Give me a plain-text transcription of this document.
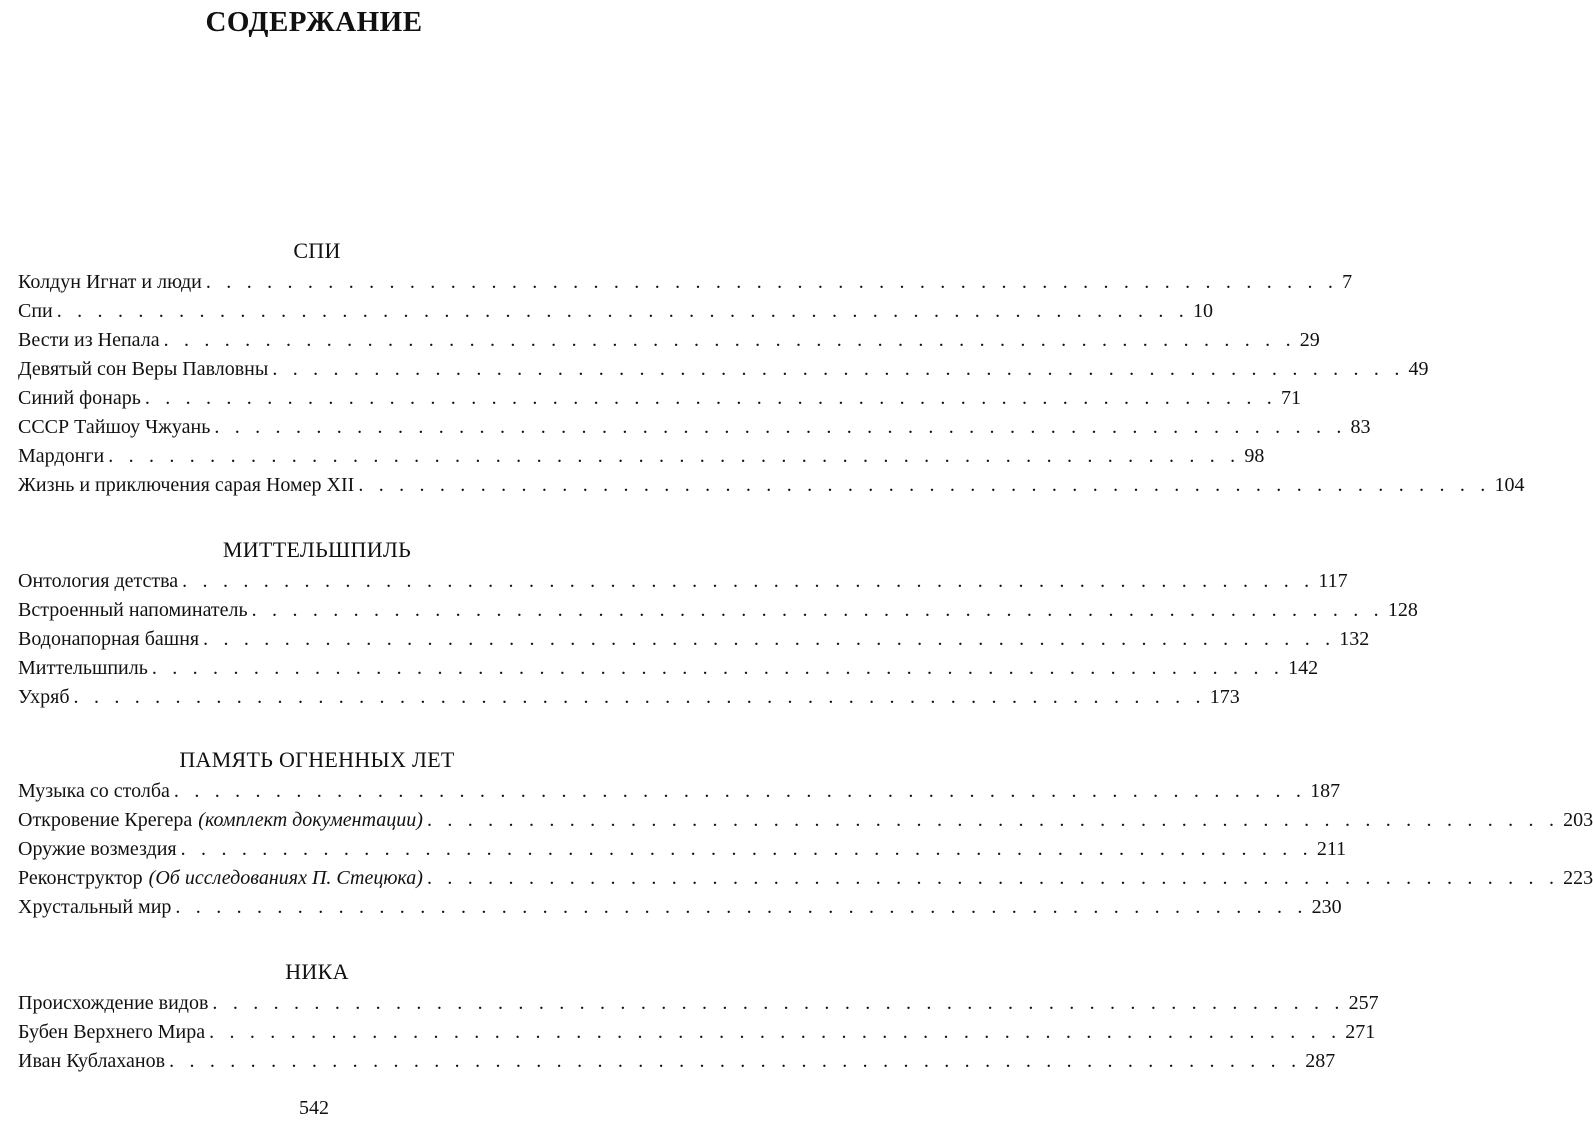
СОДЕРЖАНИЕ
СПИ
Колдун Игнат и люди . . . . . . . . . . . . . . . . . . . . . . . . . . . . . . . . . . . . . . . . . . . . . . . . . . . . . . . . 7
Спи . . . . . . . . . . . . . . . . . . . . . . . . . . . . . . . . . . . . . . . . . . . . . . . . . . . . . . . . 10
Вести из Непала . . . . . . . . . . . . . . . . . . . . . . . . . . . . . . . . . . . . . . . . . . . . . . . . . . . . . . . . 29
Девятый сон Веры Павловны . . . . . . . . . . . . . . . . . . . . . . . . . . . . . . . . . . . . . . . . . . . . . . . . . . . . . . . . 49
Синий фонарь . . . . . . . . . . . . . . . . . . . . . . . . . . . . . . . . . . . . . . . . . . . . . . . . . . . . . . . . 71
СССР Тайшоу Чжуань . . . . . . . . . . . . . . . . . . . . . . . . . . . . . . . . . . . . . . . . . . . . . . . . . . . . . . . . 83
Мардонги . . . . . . . . . . . . . . . . . . . . . . . . . . . . . . . . . . . . . . . . . . . . . . . . . . . . . . . . 98
Жизнь и приключения сарая Номер XII . . . . . . . . . . . . . . . . . . . . . . . . . . . . . . . . . . . . . . . . . . . . . . . . . . . . . . . . 104
МИТТЕЛЬШПИЛЬ
Онтология детства . . . . . . . . . . . . . . . . . . . . . . . . . . . . . . . . . . . . . . . . . . . . . . . . . . . . . . . . 117
Встроенный напоминатель . . . . . . . . . . . . . . . . . . . . . . . . . . . . . . . . . . . . . . . . . . . . . . . . . . . . . . . . 128
Водонапорная башня . . . . . . . . . . . . . . . . . . . . . . . . . . . . . . . . . . . . . . . . . . . . . . . . . . . . . . . . 132
Миттельшпиль . . . . . . . . . . . . . . . . . . . . . . . . . . . . . . . . . . . . . . . . . . . . . . . . . . . . . . . . 142
Ухряб . . . . . . . . . . . . . . . . . . . . . . . . . . . . . . . . . . . . . . . . . . . . . . . . . . . . . . . . 173
ПАМЯТЬ ОГНЕННЫХ ЛЕТ
Музыка со столба . . . . . . . . . . . . . . . . . . . . . . . . . . . . . . . . . . . . . . . . . . . . . . . . . . . . . . . . 187
Откровение Крегера (комплект документации) . . . . . . . . . . . . . . . . . . . . . . . . . . . . . . . . . . . . . . . . . . . . . . . . . . . . . . . . 203
Оружие возмездия . . . . . . . . . . . . . . . . . . . . . . . . . . . . . . . . . . . . . . . . . . . . . . . . . . . . . . . . 211
Реконструктор (Об исследованиях П. Стецюка) . . . . . . . . . . . . . . . . . . . . . . . . . . . . . . . . . . . . . . . . . . . . . . . . . . . . . . . . 223
Хрустальный мир . . . . . . . . . . . . . . . . . . . . . . . . . . . . . . . . . . . . . . . . . . . . . . . . . . . . . . . . 230
НИКА
Происхождение видов . . . . . . . . . . . . . . . . . . . . . . . . . . . . . . . . . . . . . . . . . . . . . . . . . . . . . . . . 257
Бубен Верхнего Мира . . . . . . . . . . . . . . . . . . . . . . . . . . . . . . . . . . . . . . . . . . . . . . . . . . . . . . . . 271
Иван Кублаханов . . . . . . . . . . . . . . . . . . . . . . . . . . . . . . . . . . . . . . . . . . . . . . . . . . . . . . . . 287
542
